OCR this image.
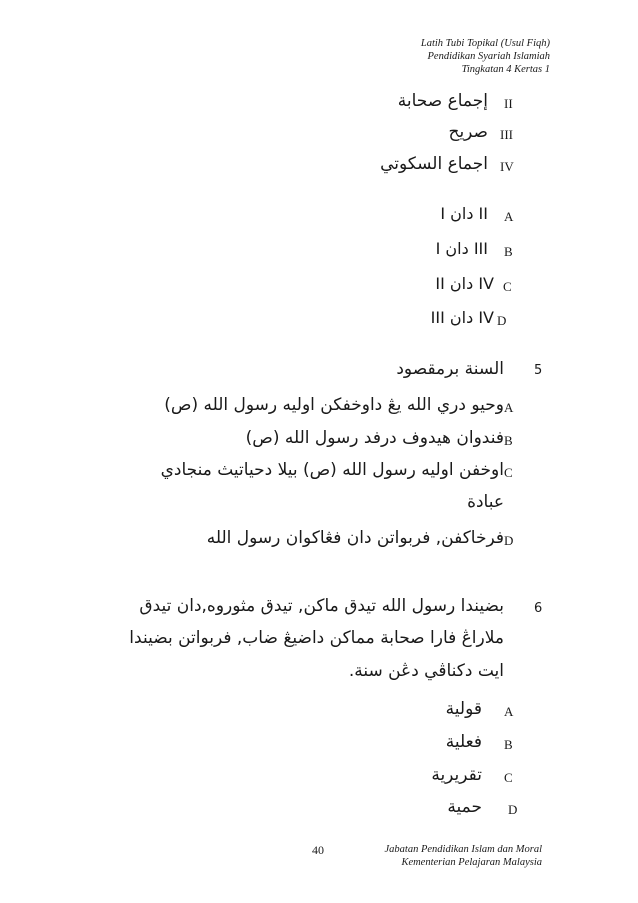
Latih Tubi Topikal (Usul Fiqh)
Pendidikan Syariah Islamiah
Tingkatan 4 Kertas 1
II
إجماع صحابة
III
صريح
IV
اجماع السكوتي
A
I دان II
B
I دان III
C
II دان IV
D
III دان IV
5
السنة برمقصود
A
وحيو دري الله يڠ داوخفكن اوليه رسول الله (ص)
B
فندوان هيدوف درفد رسول الله (ص)
C
اوخفن اوليه رسول الله (ص) بيلا دحياتيث منجادي
عبادة
D
فرخاكفن, فربواتن دان فڠاكوان رسول الله
6
بضيندا رسول الله تيدق ماكن, تيدق مثوروه,دان تيدق
ملاراڠ فارا صحابة مماكن داضيڠ ضاب, فربواتن بضيندا
ايت دكناڤي دڠن سنة.
A
قولية
B
فعلية
C
تقريرية
D
حمية
40	Jabatan Pendidikan Islam dan Moral
Kementerian Pelajaran Malaysia
